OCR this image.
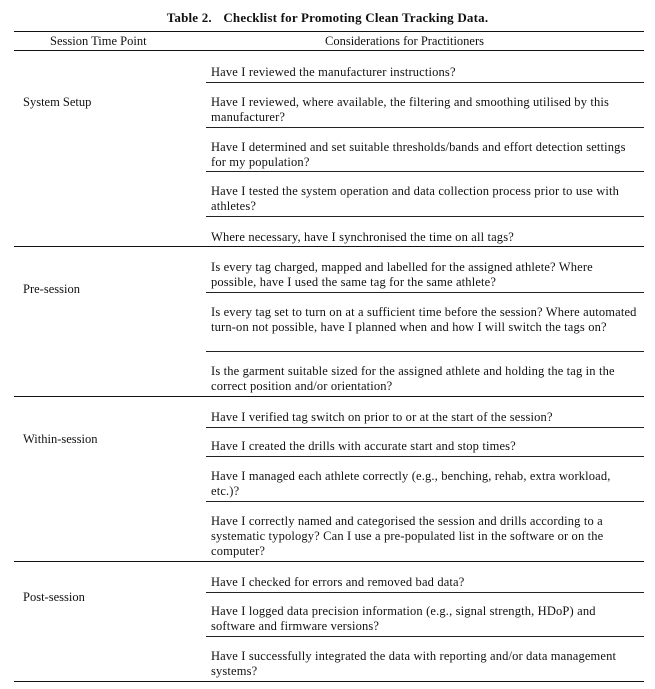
Table 2. Checklist for Promoting Clean Tracking Data.
Session Time Point	Considerations for Practitioners
System Setup
Have I reviewed the manufacturer instructions?
Have I reviewed, where available, the filtering and smoothing utilised by this manufacturer?
Have I determined and set suitable thresholds/bands and effort detection settings for my population?
Have I tested the system operation and data collection process prior to use with athletes?
Where necessary, have I synchronised the time on all tags?
Pre-session
Is every tag charged, mapped and labelled for the assigned athlete? Where possible, have I used the same tag for the same athlete?
Is every tag set to turn on at a sufficient time before the session? Where automated turn-on not possible, have I planned when and how I will switch the tags on?
Is the garment suitable sized for the assigned athlete and holding the tag in the correct position and/or orientation?
Within-session
Have I verified tag switch on prior to or at the start of the session?
Have I created the drills with accurate start and stop times?
Have I managed each athlete correctly (e.g., benching, rehab, extra workload, etc.)?
Have I correctly named and categorised the session and drills according to a systematic typology? Can I use a pre-populated list in the software or on the computer?
Post-session
Have I checked for errors and removed bad data?
Have I logged data precision information (e.g., signal strength, HDoP) and software and firmware versions?
Have I successfully integrated the data with reporting and/or data management systems?
